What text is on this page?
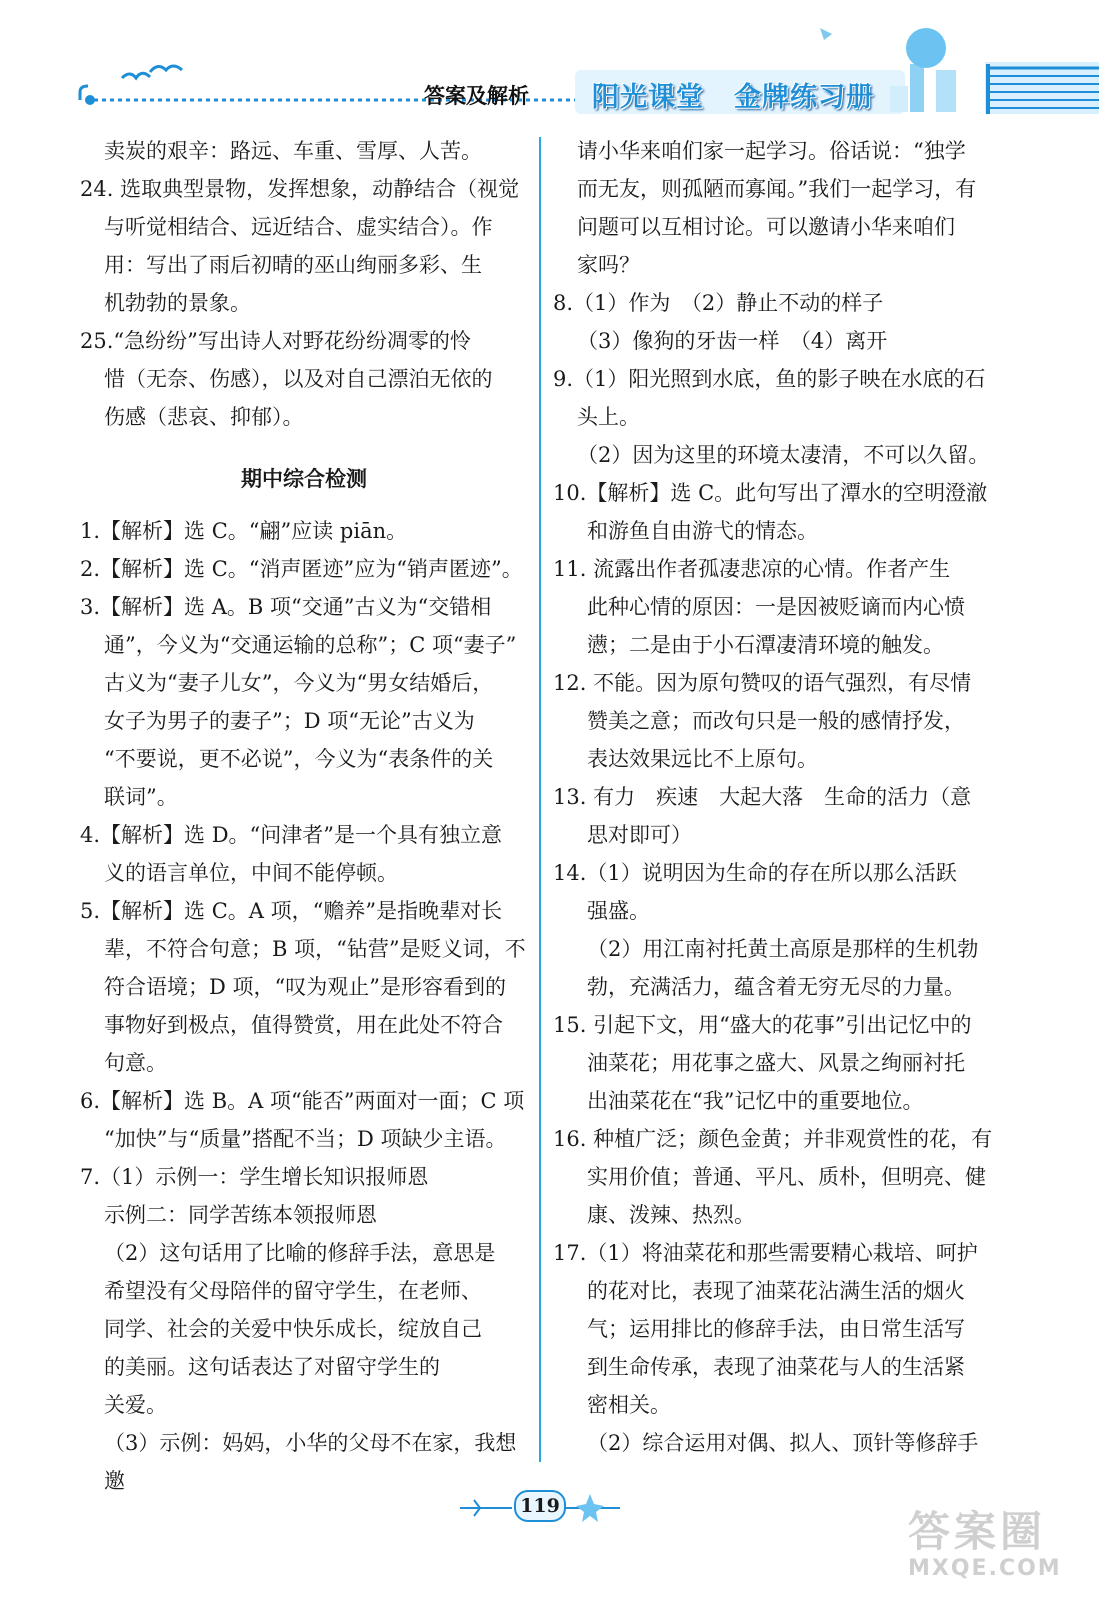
答案及解析 阳光课堂 金牌练习册

卖炭的艰辛：路远、车重、雪厚、人苦。

24. 选取典型景物，发挥想象，动静结合（视觉

与听觉相结合、远近结合、虚实结合）。作

用：写出了雨后初晴的巫山绚丽多彩、生

机勃勃的景象。

25.“急纷纷”写出诗人对野花纷纷凋零的怜

惜（无奈、伤感），以及对自己漂泊无依的

伤感（悲哀、抑郁）。

期中综合检测

1.【解析】选 C。“翩”应读 piān。

2.【解析】选 C。“消声匿迹”应为“销声匿迹”。

3.【解析】选 A。B 项“交通”古义为“交错相

通”，今义为“交通运输的总称”；C 项“妻子”

古义为“妻子儿女”，今义为“男女结婚后，

女子为男子的妻子”；D 项“无论”古义为

“不要说，更不必说”，今义为“表条件的关

联词”。

4.【解析】选 D。“问津者”是一个具有独立意

义的语言单位，中间不能停顿。

5.【解析】选 C。A 项，“赡养”是指晚辈对长

辈，不符合句意；B 项，“钻营”是贬义词，不

符合语境；D 项，“叹为观止”是形容看到的

事物好到极点，值得赞赏，用在此处不符合

句意。

6.【解析】选 B。A 项“能否”两面对一面；C 项

“加快”与“质量”搭配不当；D 项缺少主语。

7.（1）示例一：学生增长知识报师恩

示例二：同学苦练本领报师恩

（2）这句话用了比喻的修辞手法，意思是

希望没有父母陪伴的留守学生，在老师、

同学、社会的关爱中快乐成长，绽放自己

的美丽。这句话表达了对留守学生的

关爱。

（3）示例：妈妈，小华的父母不在家，我想邀

请小华来咱们家一起学习。俗话说：“独学

而无友，则孤陋而寡闻。”我们一起学习，有

问题可以互相讨论。可以邀请小华来咱们

家吗？

8.（1）作为　（2）静止不动的样子

（3）像狗的牙齿一样　（4）离开

9.（1）阳光照到水底，鱼的影子映在水底的石

头上。

（2）因为这里的环境太凄清，不可以久留。

10.【解析】选 C。此句写出了潭水的空明澄澈

和游鱼自由游弋的情态。

11. 流露出作者孤凄悲凉的心情。作者产生

此种心情的原因：一是因被贬谪而内心愤

懑；二是由于小石潭凄清环境的触发。

12. 不能。因为原句赞叹的语气强烈，有尽情

赞美之意；而改句只是一般的感情抒发，

表达效果远比不上原句。

13. 有力　疾速　大起大落　生命的活力（意

思对即可）

14.（1）说明因为生命的存在所以那么活跃

强盛。

（2）用江南衬托黄土高原是那样的生机勃

勃，充满活力，蕴含着无穷无尽的力量。

15. 引起下文，用“盛大的花事”引出记忆中的

油菜花；用花事之盛大、风景之绚丽衬托

出油菜花在“我”记忆中的重要地位。

16. 种植广泛；颜色金黄；并非观赏性的花，有

实用价值；普通、平凡、质朴，但明亮、健

康、泼辣、热烈。

17.（1）将油菜花和那些需要精心栽培、呵护

的花对比，表现了油菜花沾满生活的烟火

气；运用排比的修辞手法，由日常生活写

到生命传承，表现了油菜花与人的生活紧

密相关。

（2）综合运用对偶、拟人、顶针等修辞手

119
答案圈
MXQE.COM
